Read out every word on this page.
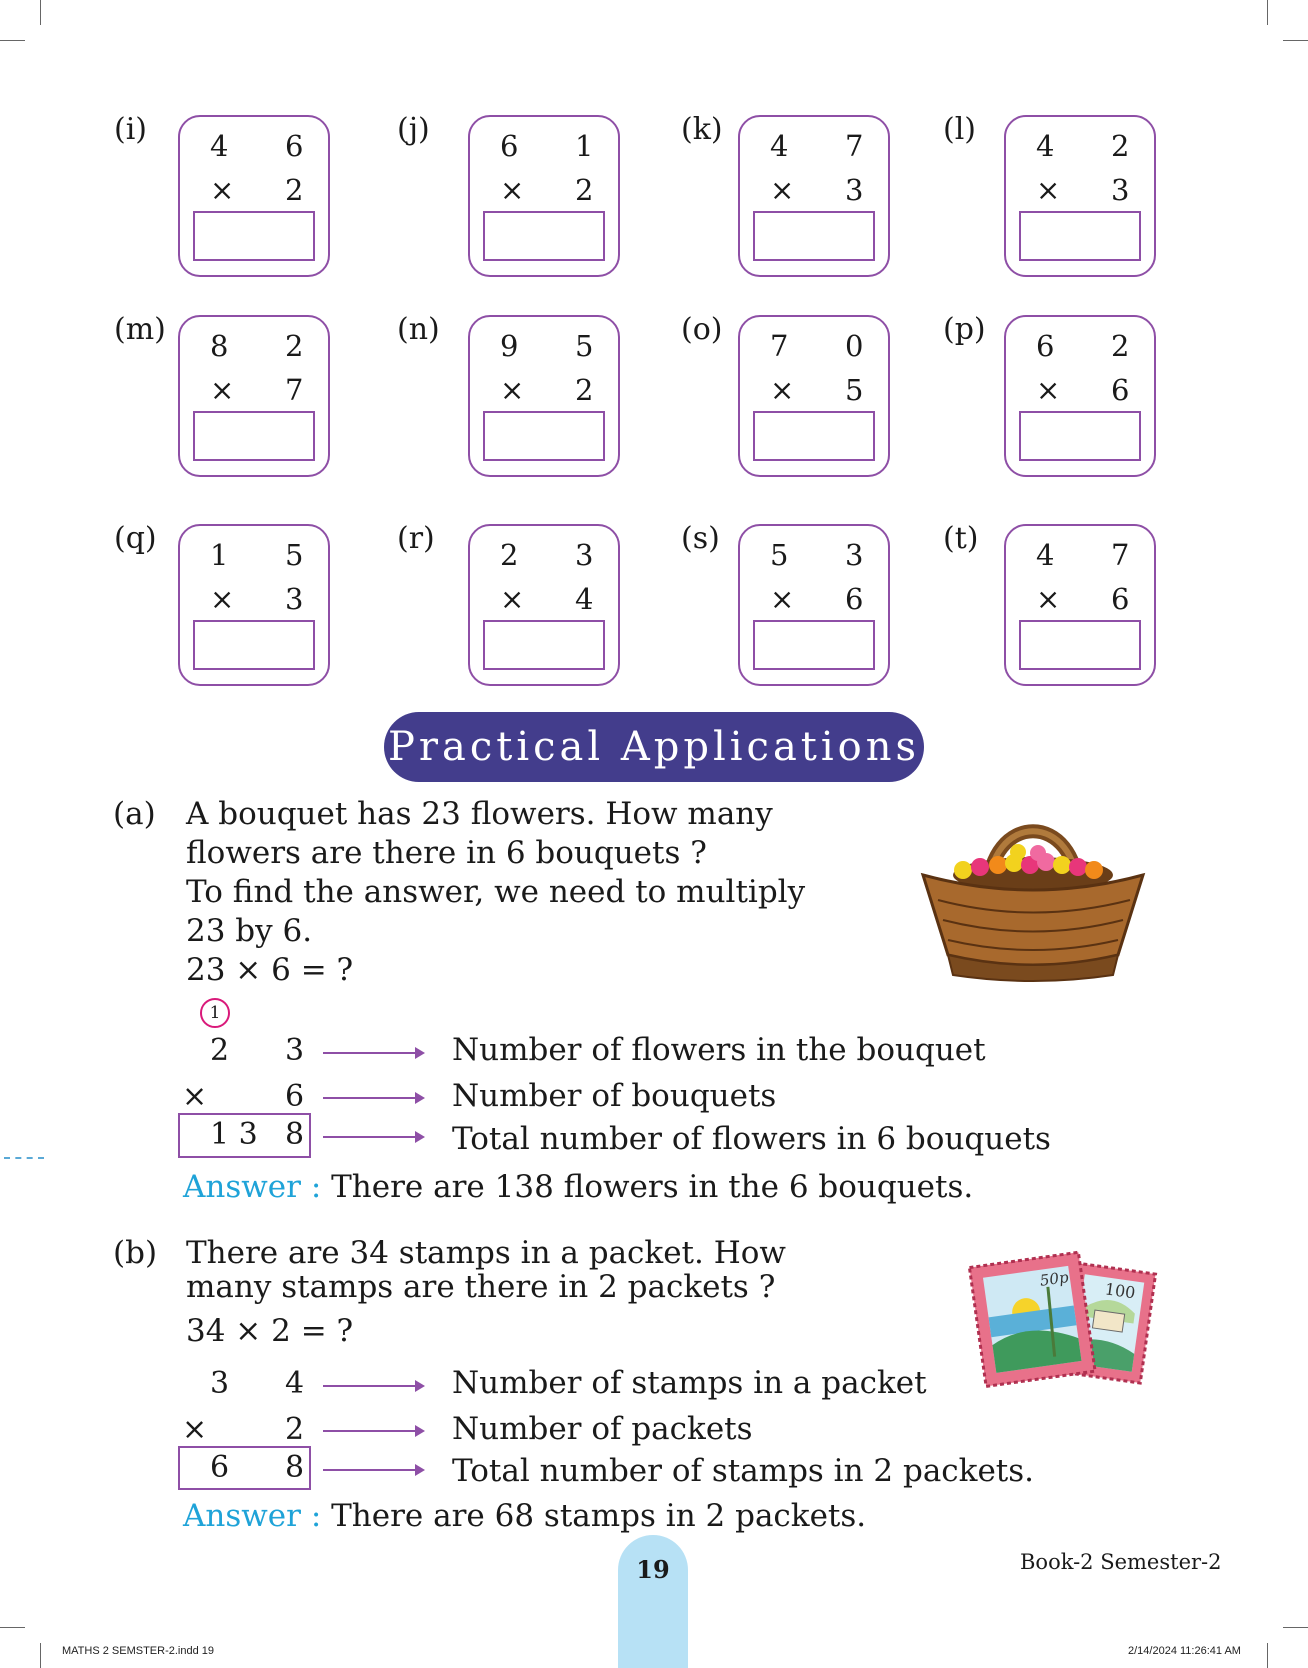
(i) 4 6
× 2
(j) 6 1
× 2
(k) 4 7
× 3
(l) 4 2
× 3
(m) 8 2
× 7
(n) 9 5
× 2
(o) 7 0
× 5
(p) 6 2
× 6
(q) 1 5
× 3
(r) 2 3
× 4
(s) 5 3
× 6
(t) 4 7
× 6
Practical Applications
(a) A bouquet has 23 flowers. How many
flowers are there in 6 bouquets ?
To find the answer, we need to multiply
23 by 6.
23 × 6 = ?
1
2 3	Number of flowers in the bouquet
×	6	Number of bouquets
1 3 8	Total number of flowers in 6 bouquets
Answer : There are 138 flowers in the 6 bouquets.
(b) There are 34 stamps in a packet. How
many stamps are there in 2 packets ?
34 × 2 = ?
3 4	Number of stamps in a packet
×	2	Number of packets
6 8	Total number of stamps in 2 packets.
Answer : There are 68 stamps in 2 packets.
100
50p
19	Book-2 Semester-2
MATHS 2 SEMSTER-2.indd 19	2/14/2024 11:26:41 AM
